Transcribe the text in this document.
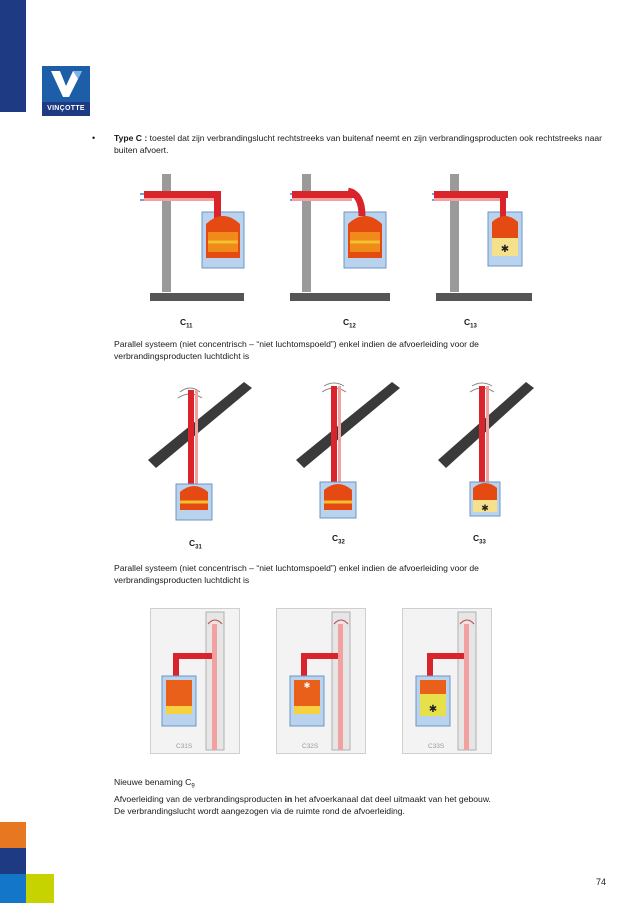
VINÇOTTE
• Type C : toestel dat zijn verbrandingslucht rechtstreeks van buitenaf neemt en zijn verbrandingsproducten ook rechtstreeks naar buiten afvoert.
✱
$C_{11}$	$C_{12}$	$C_{13}$
Parallel systeem (niet concentrisch – “niet luchtomspoeld”) enkel indien de afvoerleiding voor de verbrandingsproducten luchtdicht is
✱
$C_{31}$
$C_{32}$	$C_{33}$
Parallel systeem (niet concentrisch – “niet luchtomspoeld”) enkel indien de afvoerleiding voor de verbrandingsproducten luchtdicht is
C31S
✱
C32S
✱
C33S
Nieuwe benaming $C_9$
Afvoerleiding van de verbrandingsproducten in het afvoerkanaal dat deel uitmaakt van het gebouw.
De verbrandingslucht wordt aangezogen via de ruimte rond de afvoerleiding.
74
